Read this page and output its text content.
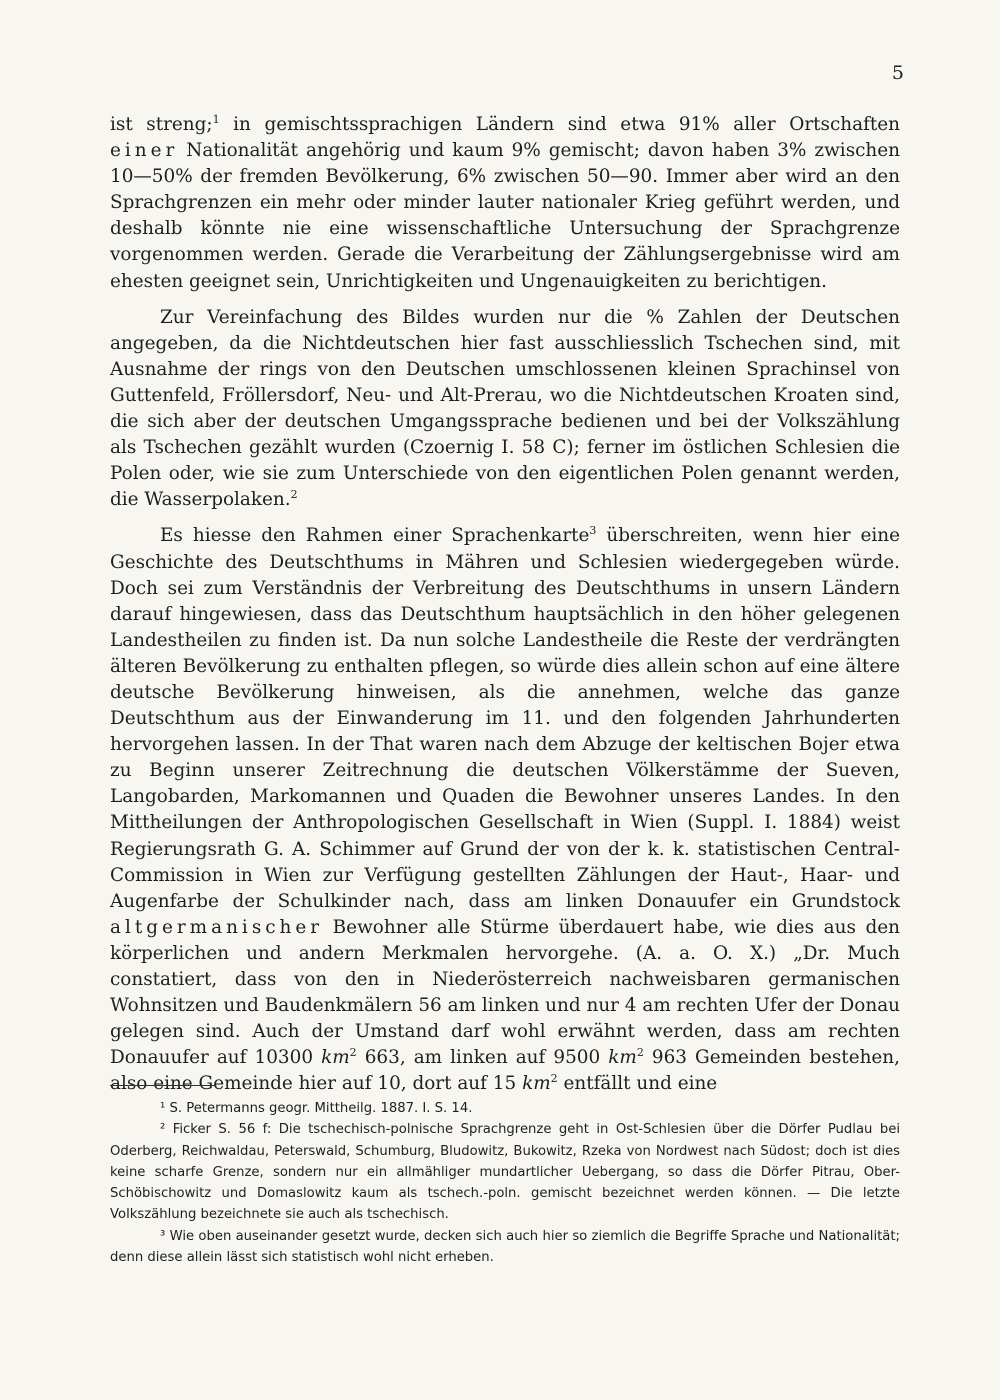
5

ist streng;$^1$ in gemischtssprachigen Ländern sind etwa 91% aller Ortschaften einer Nationalität angehörig und kaum 9% gemischt; davon haben 3% zwischen 10—50% der fremden Bevölkerung, 6% zwischen 50—90. Immer aber wird an den Sprachgrenzen ein mehr oder minder lauter nationaler Krieg geführt werden, und deshalb könnte nie eine wissenschaftliche Untersuchung der Sprachgrenze vorgenommen werden. Gerade die Verarbeitung der Zählungsergebnisse wird am ehesten geeignet sein, Unrichtigkeiten und Ungenauigkeiten zu berichtigen.

Zur Vereinfachung des Bildes wurden nur die % Zahlen der Deutschen angegeben, da die Nichtdeutschen hier fast ausschliesslich Tschechen sind, mit Ausnahme der rings von den Deutschen umschlossenen kleinen Sprachinsel von Guttenfeld, Fröllersdorf, Neu- und Alt-Prerau, wo die Nichtdeutschen Kroaten sind, die sich aber der deutschen Umgangssprache bedienen und bei der Volkszählung als Tschechen gezählt wurden (Czoernig I. 58 C); ferner im östlichen Schlesien die Polen oder, wie sie zum Unterschiede von den eigentlichen Polen genannt werden, die Wasserpolaken.$^2$

Es hiesse den Rahmen einer Sprachenkarte$^3$ überschreiten, wenn hier eine Geschichte des Deutschthums in Mähren und Schlesien wiedergegeben würde. Doch sei zum Verständnis der Verbreitung des Deutschthums in unsern Ländern darauf hingewiesen, dass das Deutschthum hauptsächlich in den höher gelegenen Landestheilen zu finden ist. Da nun solche Landestheile die Reste der verdrängten älteren Bevölkerung zu enthalten pflegen, so würde dies allein schon auf eine ältere deutsche Bevölkerung hinweisen, als die annehmen, welche das ganze Deutschthum aus der Einwanderung im 11. und den folgenden Jahrhunderten hervorgehen lassen. In der That waren nach dem Abzuge der keltischen Bojer etwa zu Beginn unserer Zeitrechnung die deutschen Völkerstämme der Sueven, Langobarden, Markomannen und Quaden die Bewohner unseres Landes. In den Mittheilungen der Anthropologischen Gesellschaft in Wien (Suppl. I. 1884) weist Regierungsrath G. A. Schimmer auf Grund der von der k. k. statistischen Central-Commission in Wien zur Verfügung gestellten Zählungen der Haut-, Haar- und Augenfarbe der Schulkinder nach, dass am linken Donauufer ein Grundstock altgermanischer Bewohner alle Stürme überdauert habe, wie dies aus den körperlichen und andern Merkmalen hervorgehe. (A. a. O. X.) „Dr. Much constatiert, dass von den in Niederösterreich nachweisbaren germanischen Wohnsitzen und Baudenkmälern 56 am linken und nur 4 am rechten Ufer der Donau gelegen sind. Auch der Umstand darf wohl erwähnt werden, dass am rechten Donauufer auf 10300 $km^2$ 663, am linken auf 9500 $km^2$ 963 Gemeinden bestehen, also eine Gemeinde hier auf 10, dort auf 15 $km^2$ entfällt und eine

¹ S. Petermanns geogr. Mittheilg. 1887. I. S. 14.

² Ficker S. 56 f: Die tschechisch-polnische Sprachgrenze geht in Ost-Schlesien über die Dörfer Pudlau bei Oderberg, Reichwaldau, Peterswald, Schumburg, Bludowitz, Bukowitz, Rzeka von Nordwest nach Südost; doch ist dies keine scharfe Grenze, sondern nur ein allmähliger mundartlicher Uebergang, so dass die Dörfer Pitrau, Ober-Schöbischowitz und Domaslowitz kaum als tschech.-poln. gemischt bezeichnet werden können. — Die letzte Volkszählung bezeichnete sie auch als tschechisch.

³ Wie oben auseinander gesetzt wurde, decken sich auch hier so ziemlich die Begriffe Sprache und Nationalität; denn diese allein lässt sich statistisch wohl nicht erheben.
